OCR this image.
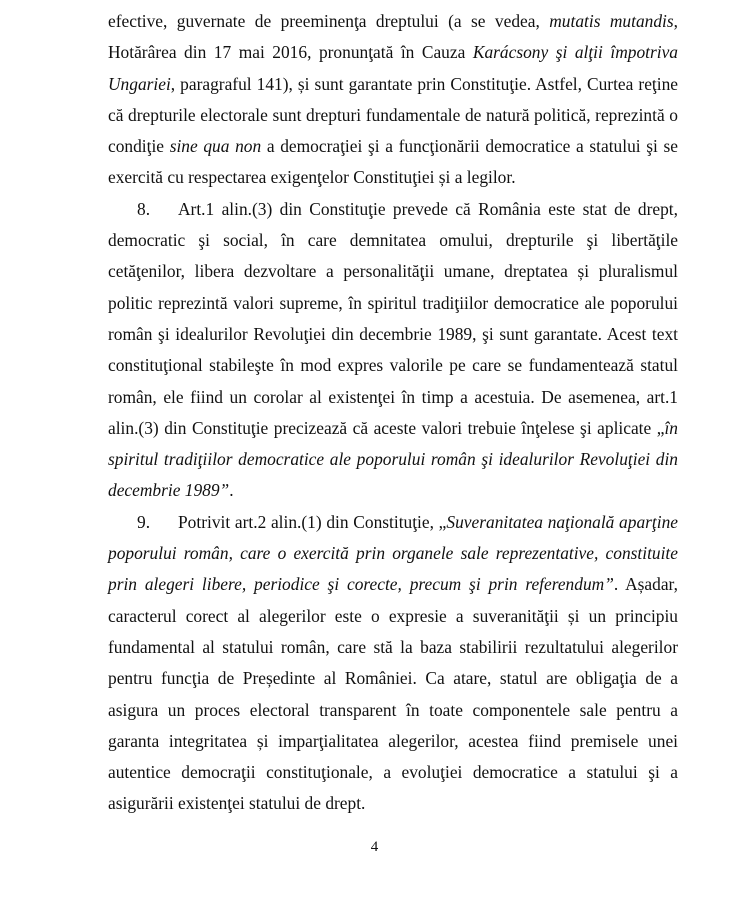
efective, guvernate de preeminenţa dreptului (a se vedea, mutatis mutandis, Hotărârea din 17 mai 2016, pronunţată în Cauza Karácsony şi alţii împotriva Ungariei, paragraful 141), și sunt garantate prin Constituţie. Astfel, Curtea reţine că drepturile electorale sunt drepturi fundamentale de natură politică, reprezintă o condiţie sine qua non a democraţiei şi a funcţionării democratice a statului şi se exercită cu respectarea exigenţelor Constituţiei și a legilor.

8. Art.1 alin.(3) din Constituţie prevede că România este stat de drept, democratic şi social, în care demnitatea omului, drepturile şi libertăţile cetăţenilor, libera dezvoltare a personalităţii umane, dreptatea și pluralismul politic reprezintă valori supreme, în spiritul tradiţiilor democratice ale poporului român şi idealurilor Revoluţiei din decembrie 1989, şi sunt garantate. Acest text constituţional stabileşte în mod expres valorile pe care se fundamentează statul român, ele fiind un corolar al existenţei în timp a acestuia. De asemenea, art.1 alin.(3) din Constituţie precizează că aceste valori trebuie înţelese şi aplicate „în spiritul tradiţiilor democratice ale poporului român şi idealurilor Revoluţiei din decembrie 1989”.

9. Potrivit art.2 alin.(1) din Constituţie, „Suveranitatea naţională aparţine poporului român, care o exercită prin organele sale reprezentative, constituite prin alegeri libere, periodice şi corecte, precum şi prin referendum”. Așadar, caracterul corect al alegerilor este o expresie a suveranităţii și un principiu fundamental al statului român, care stă la baza stabilirii rezultatului alegerilor pentru funcţia de Președinte al României. Ca atare, statul are obligaţia de a asigura un proces electoral transparent în toate componentele sale pentru a garanta integritatea și imparţialitatea alegerilor, acestea fiind premisele unei autentice democraţii constituţionale, a evoluţiei democratice a statului şi a asigurării existenţei statului de drept.

4
